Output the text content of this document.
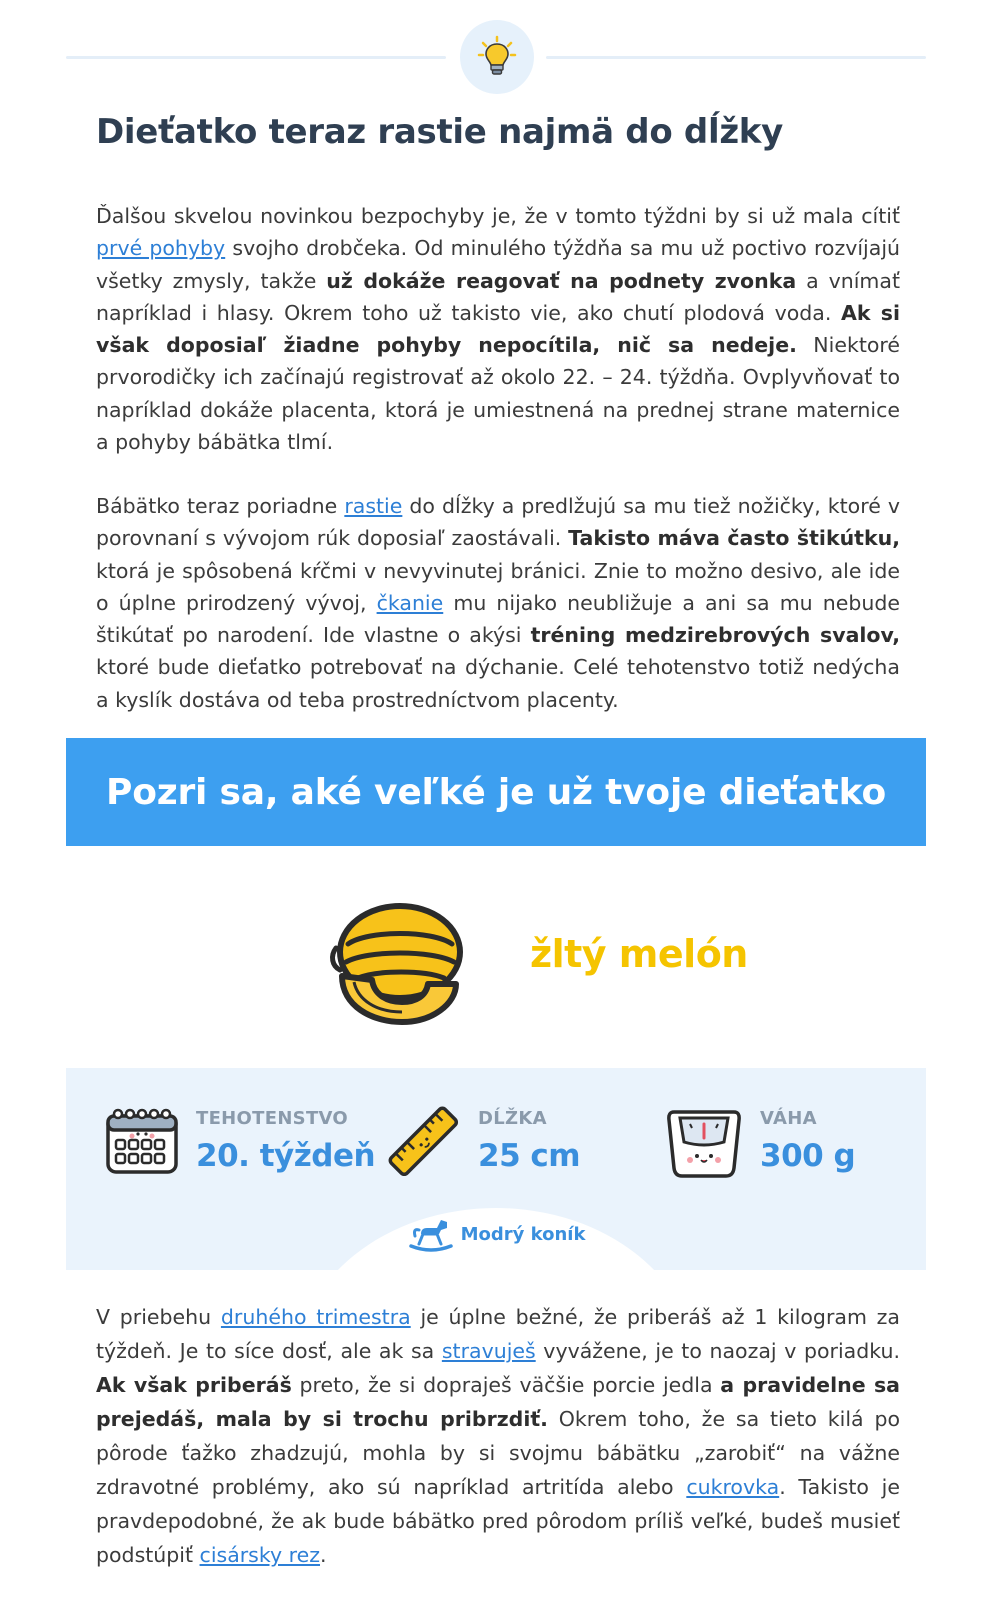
Dieťatko teraz rastie najmä do dĺžky

Ďalšou skvelou novinkou bezpochyby je, že v tomto týždni by si už mala cítiť prvé pohyby svojho drobčeka. Od minulého týždňa sa mu už poctivo rozvíjajú všetky zmysly, takže už dokáže reagovať na podnety zvonka a vnímať napríklad i hlasy. Okrem toho už takisto vie, ako chutí plodová voda. Ak si však doposiaľ žiadne pohyby nepocítila, nič sa nedeje. Niektoré prvorodičky ich začínajú registrovať až okolo 22. – 24. týždňa. Ovplyvňovať to napríklad dokáže placenta, ktorá je umiestnená na prednej strane maternice a pohyby bábätka tlmí.

Bábätko teraz poriadne rastie do dĺžky a predlžujú sa mu tiež nožičky, ktoré v porovnaní s vývojom rúk doposiaľ zaostávali. Takisto máva často štikútku, ktorá je spôsobená kŕčmi v nevyvinutej bránici. Znie to možno desivo, ale ide o úplne prirodzený vývoj, čkanie mu nijako neubližuje a ani sa mu nebude štikútať po narodení. Ide vlastne o akýsi tréning medzirebrových svalov, ktoré bude dieťatko potrebovať na dýchanie. Celé tehotenstvo totiž nedýcha a kyslík dostáva od teba prostredníctvom placenty.

Pozri sa, aké veľké je už tvoje dieťatko
žltý melón
TEHOTENSTVO
20. týždeň
DĹŽKA
25 cm
VÁHA
300 g
Modrý koník

V priebehu druhého trimestra je úplne bežné, že priberáš až 1 kilogram za týždeň. Je to síce dosť, ale ak sa stravuješ vyvážene, je to naozaj v poriadku. Ak však priberáš preto, že si dopraješ väčšie porcie jedla a pravidelne sa prejedáš, mala by si trochu pribrzdiť. Okrem toho, že sa tieto kilá po pôrode ťažko zhadzujú, mohla by si svojmu bábätku „zarobiť“ na vážne zdravotné problémy, ako sú napríklad artritída alebo cukrovka. Takisto je pravdepodobné, že ak bude bábätko pred pôrodom príliš veľké, budeš musieť podstúpiť cisársky rez.
